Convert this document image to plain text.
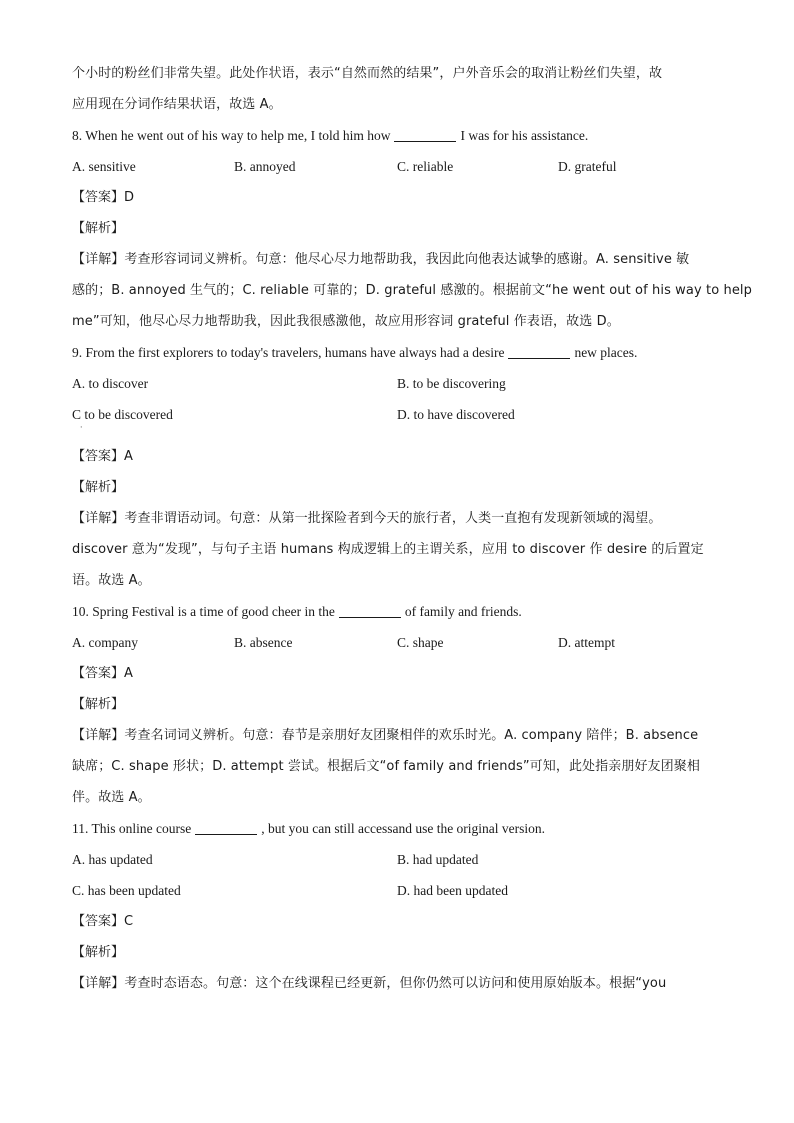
个小时的粉丝们非常失望。此处作状语，表示“自然而然的结果”，户外音乐会的取消让粉丝们失望，故
应用现在分词作结果状语，故选 A。
8. When he went out of his way to help me, I told him how	I was for his assistance.
A. sensitive	B. annoyed	C. reliable	D. grateful
【答案】D
【解析】
【详解】考查形容词词义辨析。句意：他尽心尽力地帮助我，我因此向他表达诚挚的感谢。A. sensitive 敏
感的；B. annoyed 生气的；C. reliable 可靠的；D. grateful 感激的。根据前文“he went out of his way to help
me”可知，他尽心尽力地帮助我，因此我很感激他，故应用形容词 grateful 作表语，故选 D。
9. From the first explorers to today's travelers, humans have always had a desire	new places.
A. to discover	B. to be discovering
C to be discovered	D. to have discovered
·
【答案】A
【解析】
【详解】考查非谓语动词。句意：从第一批探险者到今天的旅行者，人类一直抱有发现新领域的渴望。
discover 意为“发现”，与句子主语 humans 构成逻辑上的主谓关系，应用 to discover 作 desire 的后置定
语。故选 A。
10. Spring Festival is a time of good cheer in the	of family and friends.
A. company	B. absence	C. shape	D. attempt
【答案】A
【解析】
【详解】考查名词词义辨析。句意：春节是亲朋好友团聚相伴的欢乐时光。A. company 陪伴；B. absence
缺席；C. shape 形状；D. attempt 尝试。根据后文“of family and friends”可知，此处指亲朋好友团聚相
伴。故选 A。
11. This online course	, but you can still accessand use the original version.
A. has updated	B. had updated
C. has been updated	D. had been updated
【答案】C
【解析】
【详解】考查时态语态。句意：这个在线课程已经更新，但你仍然可以访问和使用原始版本。根据“you
